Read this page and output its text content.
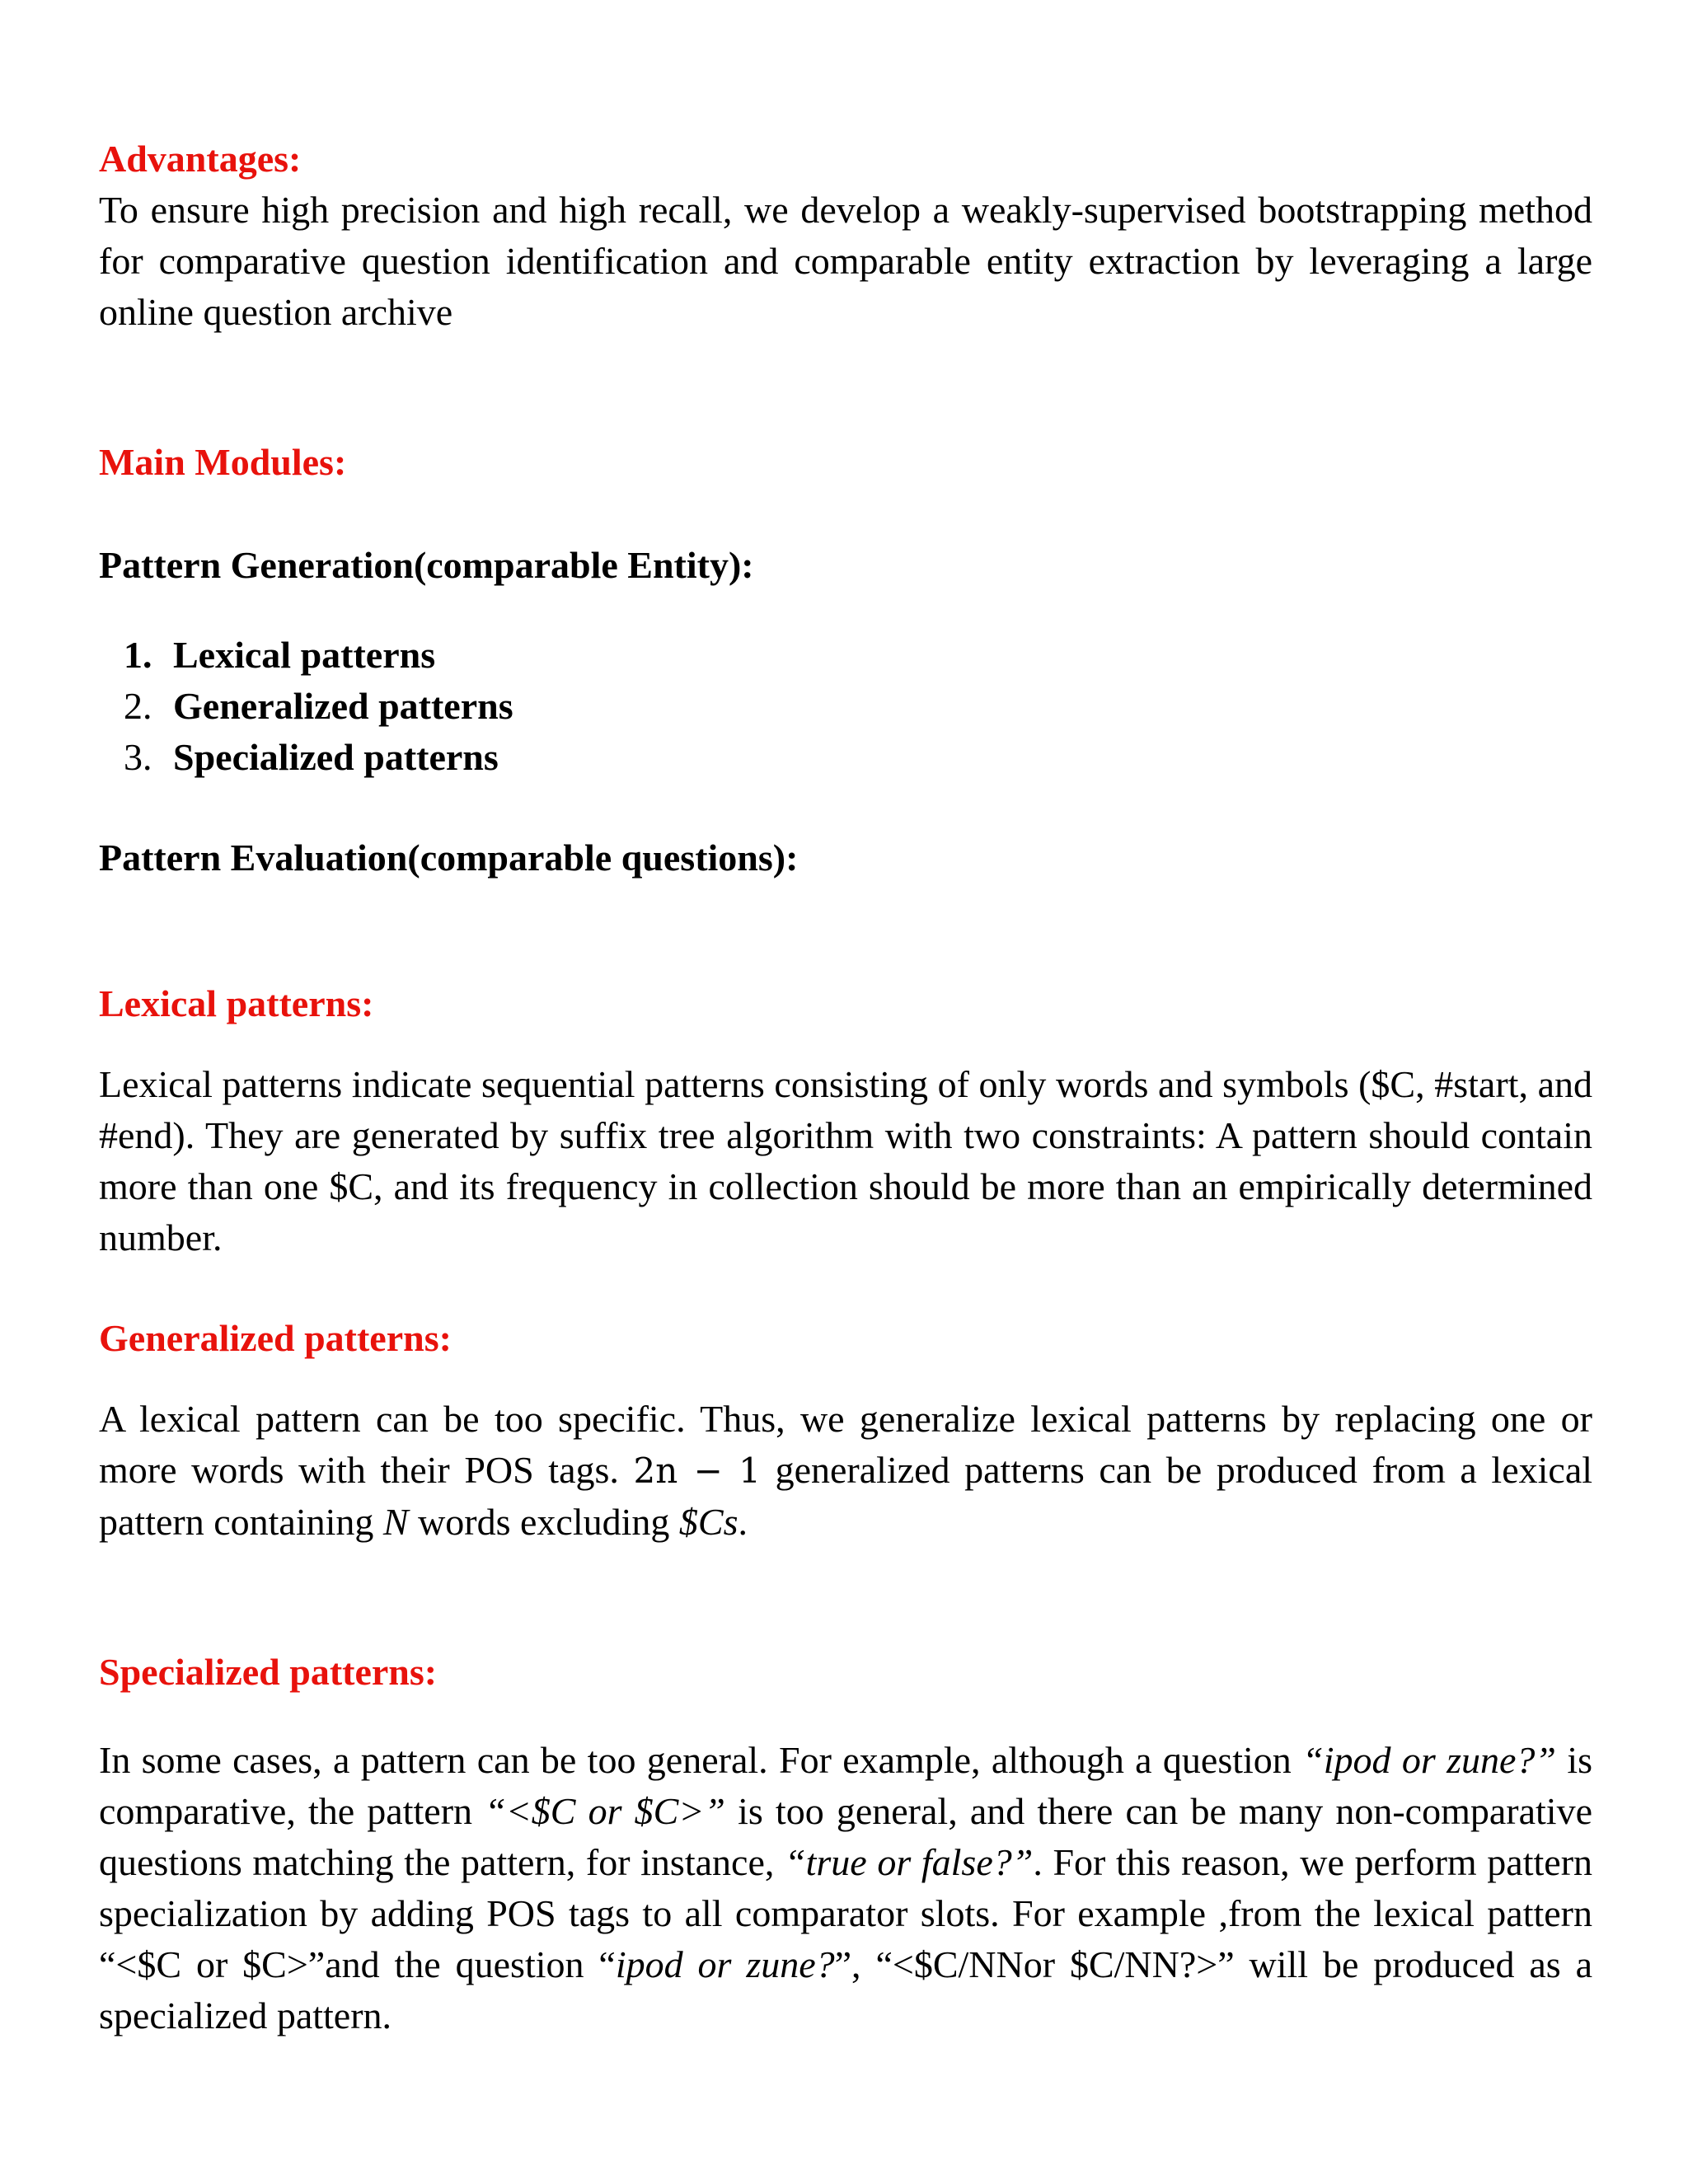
Advantages:

To ensure high precision and high recall, we develop a weakly-supervised bootstrapping method for comparative question identification and comparable entity extraction by leveraging a large online question archive

Main Modules:
Pattern Generation(comparable Entity):
1. Lexical patterns
2. Generalized patterns
3. Specialized patterns
Pattern Evaluation(comparable questions):
Lexical patterns:

Lexical patterns indicate sequential patterns consisting of only words and symbols ($C, #start, and #end). They are generated by suffix tree algorithm with two constraints: A pattern should contain more than one $C, and its frequency in collection should be more than an empirically determined number.

Generalized patterns:

A lexical pattern can be too specific. Thus, we generalize lexical patterns by replacing one or more words with their POS tags. 2n − 1 generalized patterns can be produced from a lexical pattern containing N words excluding $Cs.

Specialized patterns:

In some cases, a pattern can be too general. For example, although a question “ipod or zune?” is comparative, the pattern “<$C or $C>” is too general, and there can be many non-comparative questions matching the pattern, for instance, “true or false?”. For this reason, we perform pattern specialization by adding POS tags to all comparator slots. For example ,from the lexical pattern “<$C or $C>”and the question “ipod or zune?”, “<$C/NNor $C/NN?>” will be produced as a specialized pattern.
